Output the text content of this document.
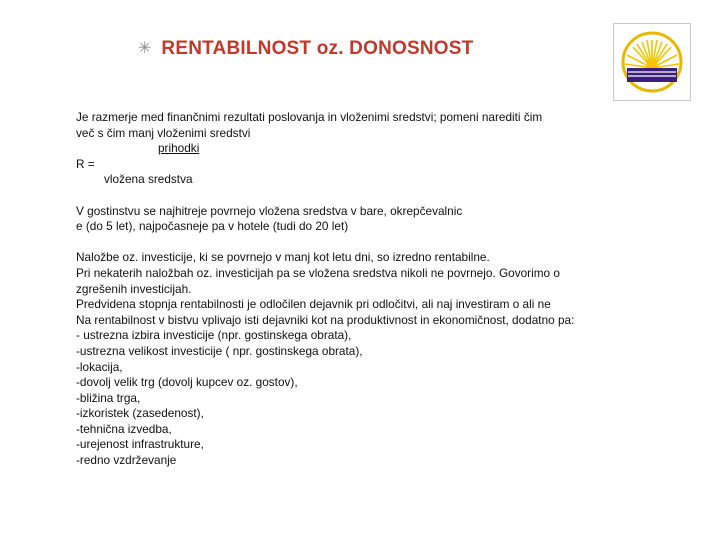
✳ RENTABILNOST oz. DONOSNOST

Je razmerje med finančnimi rezultati poslovanja in vloženimi sredstvi; pomeni narediti čim

več s čim manj vloženimi sredstvi

prihodki

R =

vložena sredstva

V gostinstvu se najhitreje povrnejo vložena sredstva v bare, okrepčevalnic

e (do 5 let), najpočasneje pa v hotele (tudi do 20 let)

Naložbe oz. investicije, ki se povrnejo v manj kot letu dni, so izredno rentabilne.

Pri nekaterih naložbah oz. investicijah pa se vložena sredstva nikoli ne povrnejo. Govorimo o

zgrešenih investicijah.

Predvidena stopnja rentabilnosti je odločilen dejavnik pri odločitvi, ali naj investiram o ali ne

Na rentabilnost v bistvu vplivajo isti dejavniki kot na produktivnost in ekonomičnost, dodatno pa:

- ustrezna izbira investicije (npr. gostinskega obrata),

-ustrezna velikost investicije ( npr. gostinskega obrata),

-lokacija,

-dovolj velik trg (dovolj kupcev oz. gostov),

-bližina trga,

-izkoristek (zasedenost),

-tehnična izvedba,

-urejenost infrastrukture,

-redno vzdrževanje
